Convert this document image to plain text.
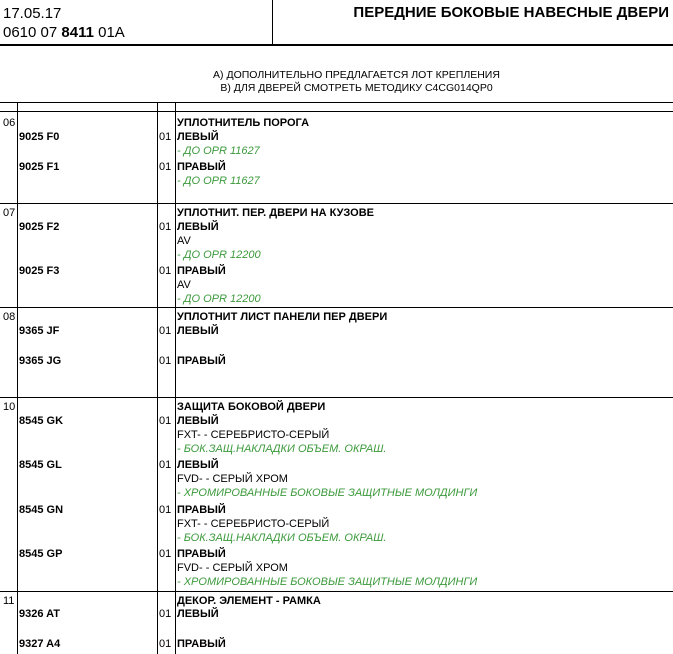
17.05.17
0610 07 8411 01A
ПЕРЕДНИЕ БОКОВЫЕ НАВЕСНЫЕ ДВЕРИ
A) ДОПОЛНИТЕЛЬНО ПРЕДЛАГАЕТСЯ ЛОТ КРЕПЛЕНИЯ
B) ДЛЯ ДВЕРЕЙ СМОТРЕТЬ МЕТОДИКУ C4CG014QP0
06	УПЛОТНИТЕЛЬ ПОРОГА
9025 F0	01 ЛЕВЫЙ
- ДО OPR 11627
9025 F1	01 ПРАВЫЙ
- ДО OPR 11627
07	УПЛОТНИТ. ПЕР. ДВЕРИ НА КУЗОВЕ
9025 F2	01 ЛЕВЫЙ
AV
- ДО OPR 12200
9025 F3	01 ПРАВЫЙ
AV
- ДО OPR 12200
08	УПЛОТНИТ ЛИСТ ПАНЕЛИ ПЕР ДВЕРИ
9365 JF	01 ЛЕВЫЙ
9365 JG	01 ПРАВЫЙ
10	ЗАЩИТА БОКОВОЙ ДВЕРИ
8545 GK	01 ЛЕВЫЙ
FXT- - СЕРЕБРИСТО-СЕРЫЙ
- БОК.ЗАЩ.НАКЛАДКИ ОБЪЕМ. ОКРАШ.
8545 GL	01 ЛЕВЫЙ
FVD- - СЕРЫЙ ХРОМ
- ХРОМИРОВАННЫЕ БОКОВЫЕ ЗАЩИТНЫЕ МОЛДИНГИ
8545 GN	01 ПРАВЫЙ
FXT- - СЕРЕБРИСТО-СЕРЫЙ
- БОК.ЗАЩ.НАКЛАДКИ ОБЪЕМ. ОКРАШ.
8545 GP	01 ПРАВЫЙ
FVD- - СЕРЫЙ ХРОМ
- ХРОМИРОВАННЫЕ БОКОВЫЕ ЗАЩИТНЫЕ МОЛДИНГИ
11	ДЕКОР. ЭЛЕМЕНТ - РАМКА
9326 AT	01 ЛЕВЫЙ
9327 A4	01 ПРАВЫЙ
